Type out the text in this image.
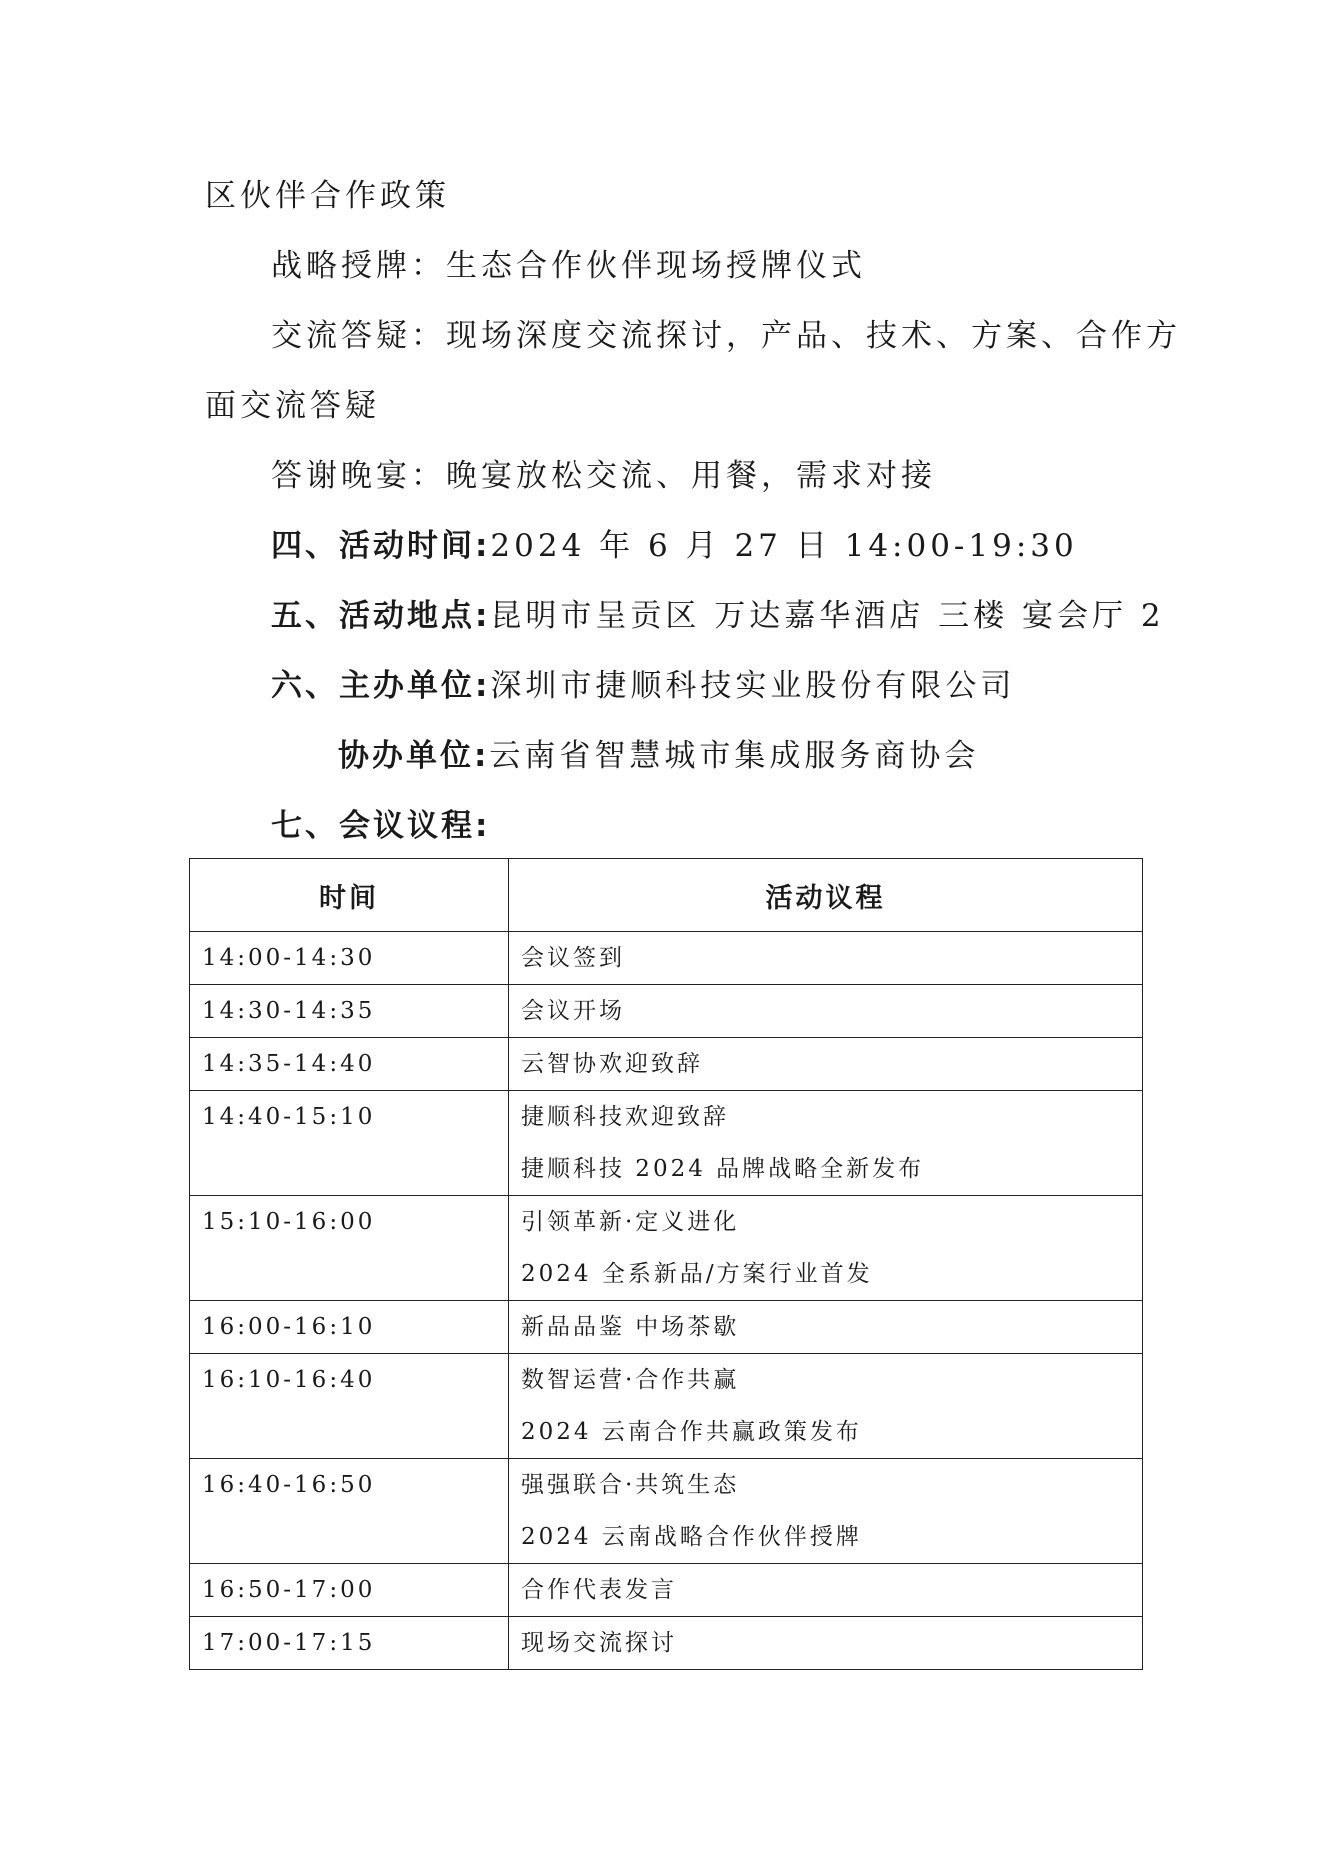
区伙伴合作政策
战略授牌：生态合作伙伴现场授牌仪式
交流答疑：现场深度交流探讨，产品、技术、方案、合作方
面交流答疑
答谢晚宴：晚宴放松交流、用餐，需求对接
四、活动时间:2024 年 6 月 27 日 14:00-19:30
五、活动地点:昆明市呈贡区 万达嘉华酒店 三楼 宴会厅 2
六、主办单位:深圳市捷顺科技实业股份有限公司
协办单位:云南省智慧城市集成服务商协会
七、会议议程:
时间	活动议程

14:00-14:30	会议签到

14:30-14:35	会议开场

14:35-14:40	云智协欢迎致辞

14:40-15:10	捷顺科技欢迎致辞
捷顺科技 2024 品牌战略全新发布

15:10-16:00	引领革新·定义进化
2024 全系新品/方案行业首发

16:00-16:10	新品品鉴 中场茶歇

16:10-16:40	数智运营·合作共赢
2024 云南合作共赢政策发布

16:40-16:50	强强联合·共筑生态
2024 云南战略合作伙伴授牌

16:50-17:00	合作代表发言

17:00-17:15	现场交流探讨
